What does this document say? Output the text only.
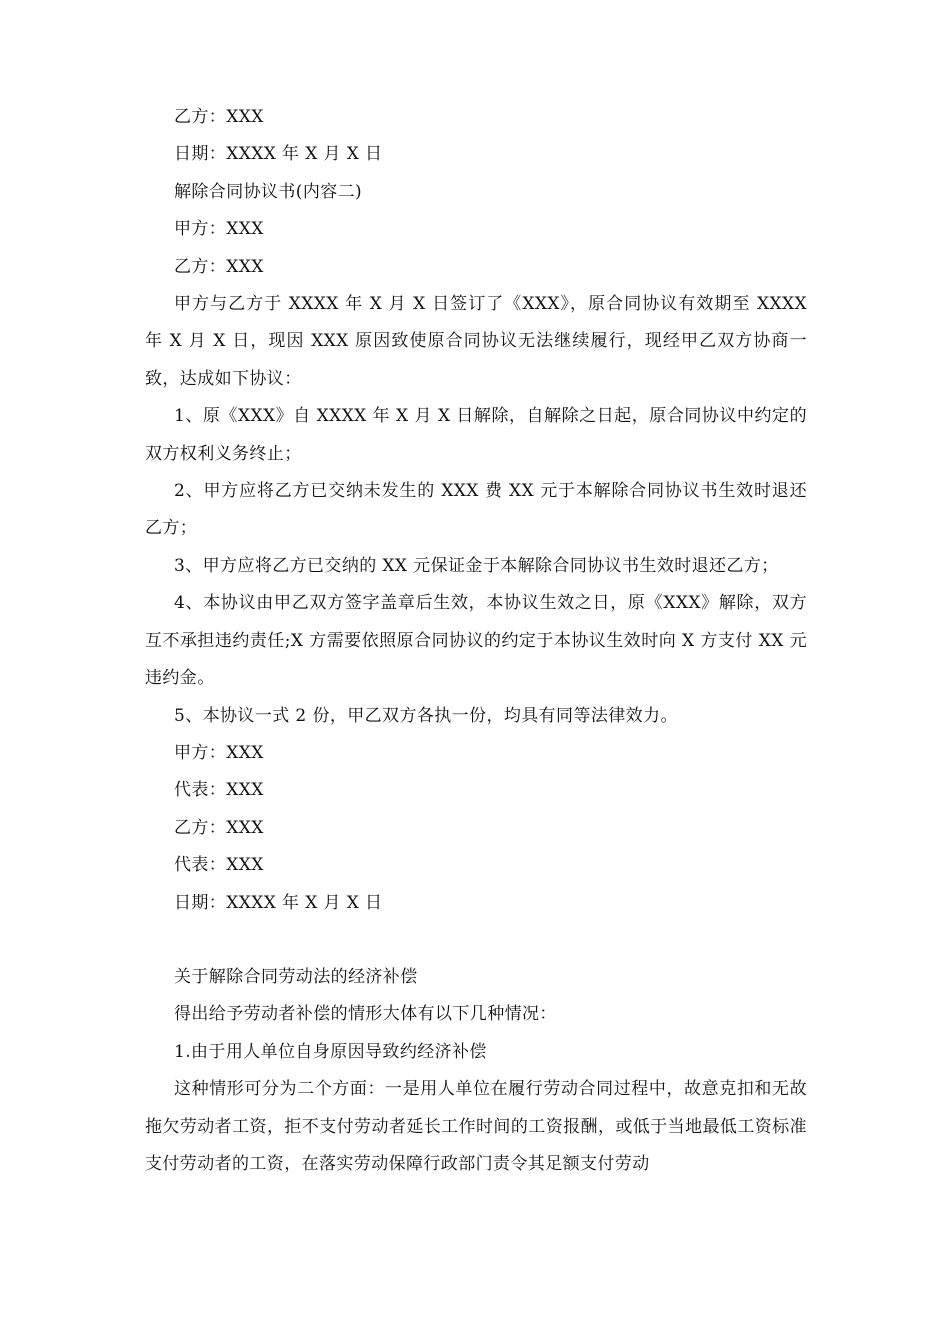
乙方：XXX

日期：XXXX 年 X 月 X 日

解除合同协议书(内容二)

甲方：XXX

乙方：XXX

甲方与乙方于 XXXX 年 X 月 X 日签订了《XXX》，原合同协议有效期至 XXXX 年 X 月 X 日，现因 XXX 原因致使原合同协议无法继续履行，现经甲乙双方协商一致，达成如下协议：

1、原《XXX》自 XXXX 年 X 月 X 日解除，自解除之日起，原合同协议中约定的双方权利义务终止；

2、甲方应将乙方已交纳未发生的 XXX 费 XX 元于本解除合同协议书生效时退还乙方；

3、甲方应将乙方已交纳的 XX 元保证金于本解除合同协议书生效时退还乙方；

4、本协议由甲乙双方签字盖章后生效，本协议生效之日，原《XXX》解除，双方互不承担违约责任;X 方需要依照原合同协议的约定于本协议生效时向 X 方支付 XX 元违约金。

5、本协议一式 2 份，甲乙双方各执一份，均具有同等法律效力。

甲方：XXX

代表：XXX

乙方：XXX

代表：XXX

日期：XXXX 年 X 月 X 日

关于解除合同劳动法的经济补偿

得出给予劳动者补偿的情形大体有以下几种情况：

1.由于用人单位自身原因导致约经济补偿

这种情形可分为二个方面：一是用人单位在履行劳动合同过程中，故意克扣和无故拖欠劳动者工资，拒不支付劳动者延长工作时间的工资报酬，或低于当地最低工资标准支付劳动者的工资，在落实劳动保障行政部门责令其足额支付劳动
